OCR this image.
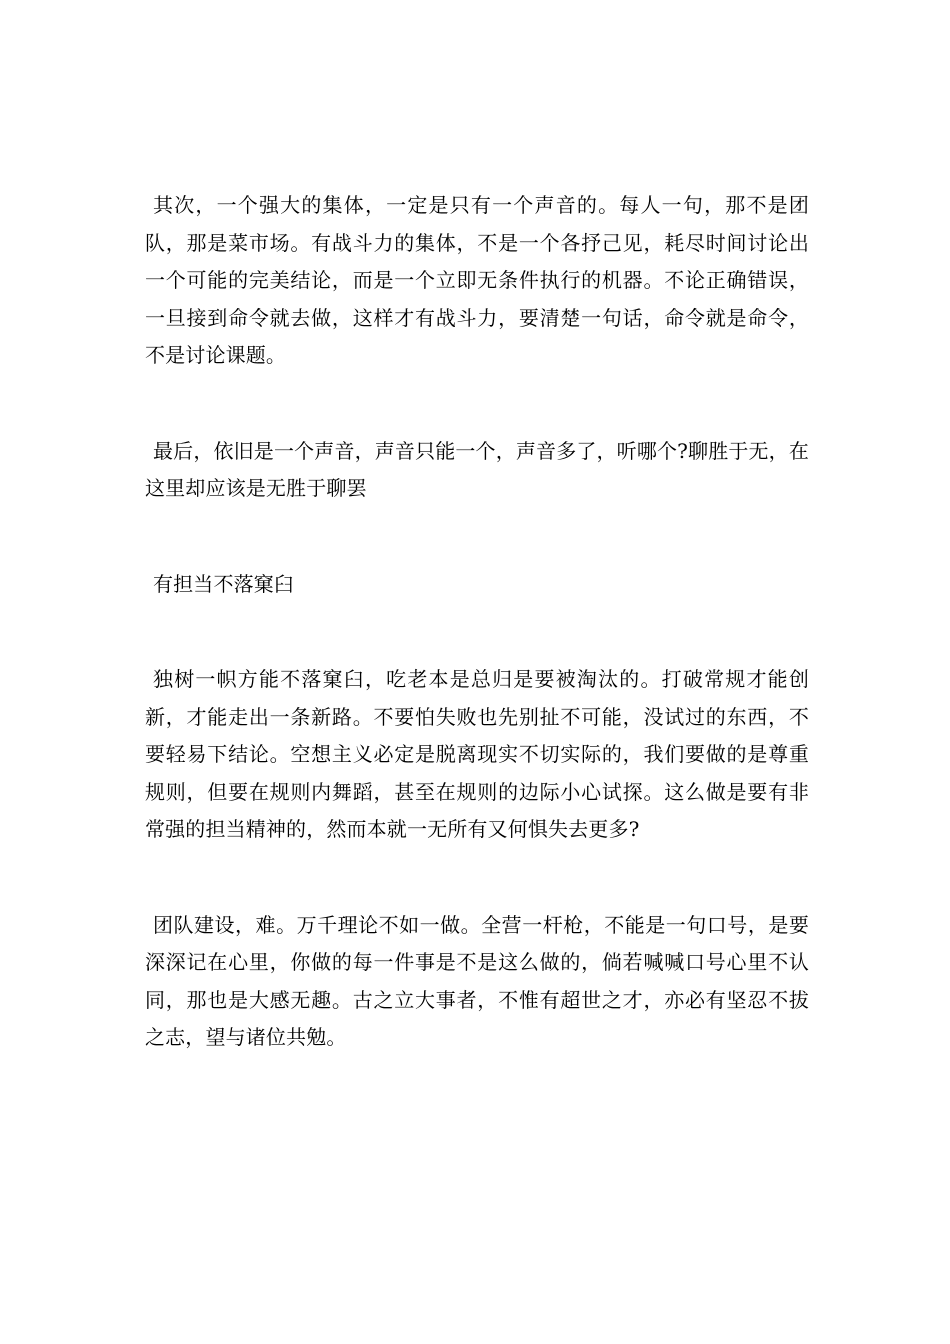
其次，一个强大的集体，一定是只有一个声音的。每人一句，那不是团队，那是菜市场。有战斗力的集体，不是一个各抒己见，耗尽时间讨论出一个可能的完美结论，而是一个立即无条件执行的机器。不论正确错误，一旦接到命令就去做，这样才有战斗力，要清楚一句话，命令就是命令，不是讨论课题。

最后，依旧是一个声音，声音只能一个，声音多了，听哪个?聊胜于无，在这里却应该是无胜于聊罢

有担当不落窠臼

独树一帜方能不落窠臼，吃老本是总归是要被淘汰的。打破常规才能创新，才能走出一条新路。不要怕失败也先别扯不可能，没试过的东西，不要轻易下结论。空想主义必定是脱离现实不切实际的，我们要做的是尊重规则，但要在规则内舞蹈，甚至在规则的边际小心试探。这么做是要有非常强的担当精神的，然而本就一无所有又何惧失去更多?

团队建设，难。万千理论不如一做。全营一杆枪，不能是一句口号，是要深深记在心里，你做的每一件事是不是这么做的，倘若喊喊口号心里不认同，那也是大感无趣。古之立大事者，不惟有超世之才，亦必有坚忍不拔之志，望与诸位共勉。
